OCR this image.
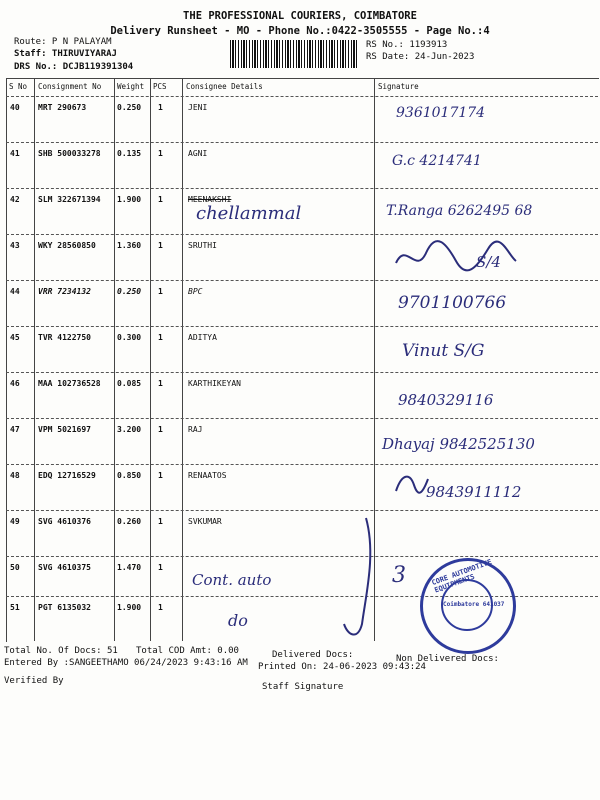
THE PROFESSIONAL COURIERS, COIMBATORE
Delivery Runsheet - MO - Phone No.:0422-3505555 - Page No.:4
Route: P N PALAYAM
Staff: THIRUVIYARAJ
DRS No.: DCJB119391304
RS No.: 1193913
RS Date: 24-Jun-2023
S No Consignment No Weight PCS	Consignee Details	Signature
40 MRT 290673	0.250 1	JENI	9361017174
41 SHB 500033278 0.135 1	AGNI	G.c 4214741
42 SLM 322671394 1.900 1	MEENAKSHI
chellammal	T.Ranga 6262495 68
43 WKY 28560850	1.360 1	SRUTHI
S/4
44 VRR 7234132	0.250 1	BPC
9701100766
45 TVR 4122750	0.300 1	ADITYA
Vinut S/G
46 MAA 102736528 0.085 1	KARTHIKEYAN
9840329116
47 VPM 5021697	3.200 1	RAJ
Dhayaj 9842525130
48 EDQ 12716529	0.850 1	RENAATOS
9843911112
49 SVG 4610376	0.260 1	SVKUMAR
50 SVG 4610375	1.470 1
Cont. auto	3
51 PGT 6135032	1.900 1
do
CORE AUTOMOTIVE EQUIPMENTS
Coimbatore 641037
Total No. Of Docs: 51 Total COD Amt: 0.00	Delivered Docs:	Non Delivered Docs:
Entered By :SANGEETHAMO 06/24/2023 9:43:16 AM Printed On: 24-06-2023 09:43:24
Verified By
Staff Signature
